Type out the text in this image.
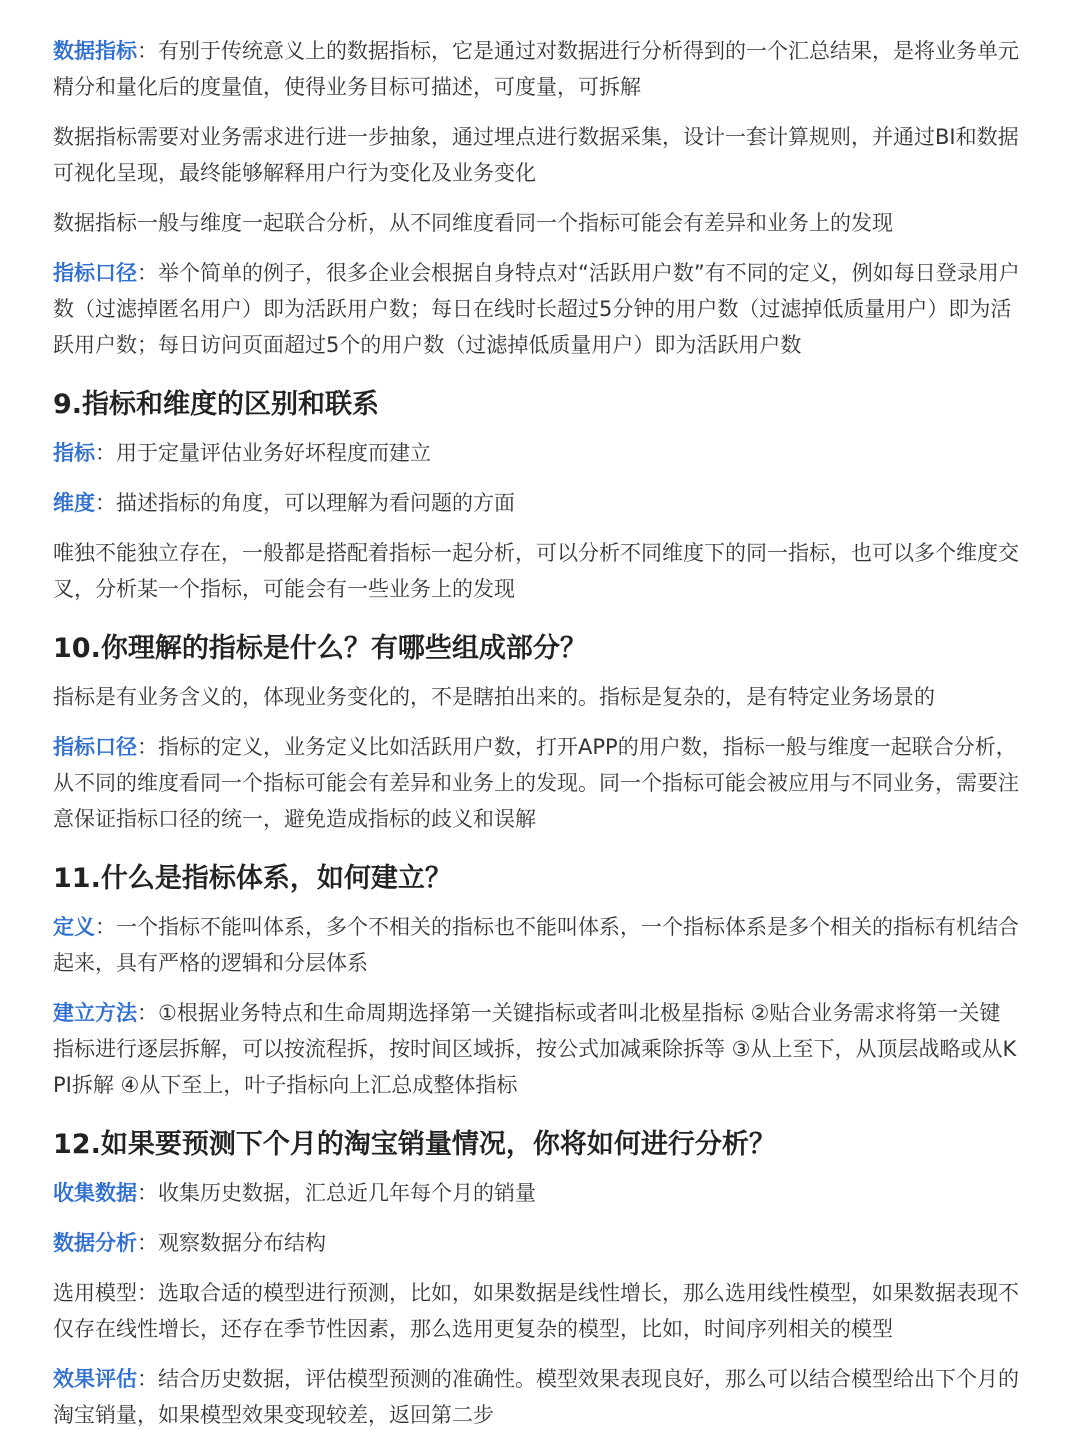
数据指标：有别于传统意义上的数据指标，它是通过对数据进行分析得到的一个汇总结果，是将业务单元精分和量化后的度量值，使得业务目标可描述，可度量，可拆解

数据指标需要对业务需求进行进一步抽象，通过埋点进行数据采集，设计一套计算规则，并通过BI和数据可视化呈现，最终能够解释用户行为变化及业务变化

数据指标一般与维度一起联合分析，从不同维度看同一个指标可能会有差异和业务上的发现

指标口径：举个简单的例子，很多企业会根据自身特点对“活跃用户数”有不同的定义，例如每日登录用户数（过滤掉匿名用户）即为活跃用户数；每日在线时长超过5分钟的用户数（过滤掉低质量用户）即为活跃用户数；每日访问页面超过5个的用户数（过滤掉低质量用户）即为活跃用户数

9.指标和维度的区别和联系

指标：用于定量评估业务好坏程度而建立

维度：描述指标的角度，可以理解为看问题的方面

唯独不能独立存在，一般都是搭配着指标一起分析，可以分析不同维度下的同一指标，也可以多个维度交叉，分析某一个指标，可能会有一些业务上的发现

10.你理解的指标是什么？有哪些组成部分？

指标是有业务含义的，体现业务变化的，不是瞎拍出来的。指标是复杂的，是有特定业务场景的

指标口径：指标的定义，业务定义比如活跃用户数，打开APP的用户数，指标一般与维度一起联合分析，从不同的维度看同一个指标可能会有差异和业务上的发现。同一个指标可能会被应用与不同业务，需要注意保证指标口径的统一，避免造成指标的歧义和误解

11.什么是指标体系，如何建立？

定义：一个指标不能叫体系，多个不相关的指标也不能叫体系，一个指标体系是多个相关的指标有机结合起来，具有严格的逻辑和分层体系

建立方法：①根据业务特点和生命周期选择第一关键指标或者叫北极星指标 ②贴合业务需求将第一关键指标进行逐层拆解，可以按流程拆，按时间区域拆，按公式加减乘除拆等 ③从上至下，从顶层战略或从KPI拆解 ④从下至上，叶子指标向上汇总成整体指标

12.如果要预测下个月的淘宝销量情况，你将如何进行分析？

收集数据：收集历史数据，汇总近几年每个月的销量

数据分析：观察数据分布结构

选用模型：选取合适的模型进行预测，比如，如果数据是线性增长，那么选用线性模型，如果数据表现不仅存在线性增长，还存在季节性因素，那么选用更复杂的模型，比如，时间序列相关的模型

效果评估：结合历史数据，评估模型预测的准确性。模型效果表现良好，那么可以结合模型给出下个月的淘宝销量，如果模型效果变现较差，返回第二步
